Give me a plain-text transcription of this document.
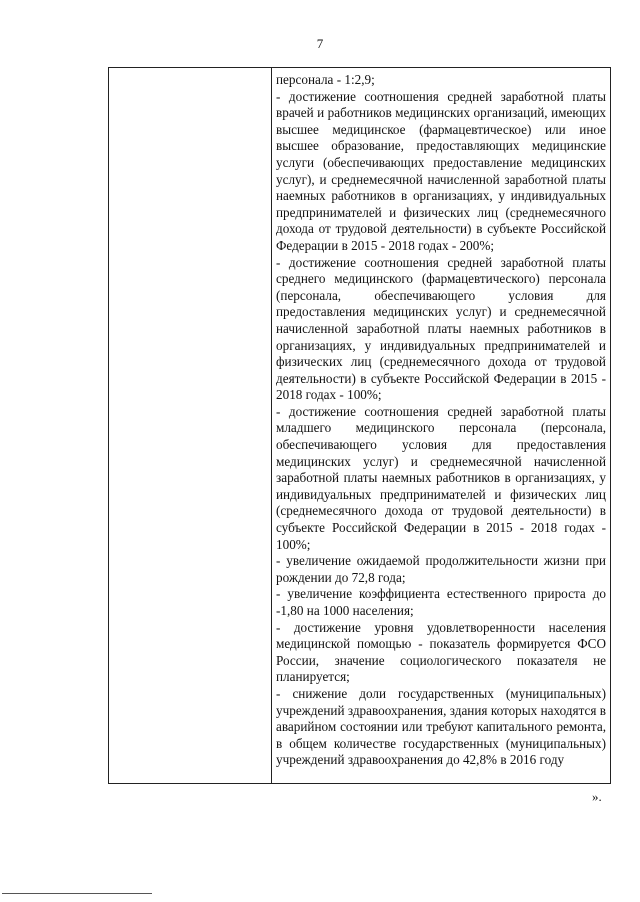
7

персонала - 1:2,9;

- достижение соотношения средней заработной платы врачей и работников медицинских организаций, имеющих высшее медицинское (фармацевтическое) или иное высшее образование, предоставляющих медицинские услуги (обеспечивающих предоставление медицинских услуг), и среднемесячной начисленной заработной платы наемных работников в организациях, у индивидуальных предпринимателей и физических лиц (среднемесячного дохода от трудовой деятельности) в субъекте Российской Федерации в 2015 - 2018 годах - 200%;

- достижение соотношения средней заработной платы среднего медицинского (фармацевтического) персонала (персонала, обеспечивающего условия для предоставления медицинских услуг) и среднемесячной начисленной заработной платы наемных работников в организациях, у индивидуальных предпринимателей и физических лиц (среднемесячного дохода от трудовой деятельности) в субъекте Российской Федерации в 2015 - 2018 годах - 100%;

- достижение соотношения средней заработной платы младшего медицинского персонала (персонала, обеспечивающего условия для предоставления медицинских услуг) и среднемесячной начисленной заработной платы наемных работников в организациях, у индивидуальных предпринимателей и физических лиц (среднемесячного дохода от трудовой деятельности) в субъекте Российской Федерации в 2015 - 2018 годах - 100%;

- увеличение ожидаемой продолжительности жизни при рождении до 72,8 года;

- увеличение коэффициента естественного прироста до -1,80 на 1000 населения;

- достижение уровня удовлетворенности населения медицинской помощью - показатель формируется ФСО России, значение социологического показателя не планируется;

- снижение доли государственных (муниципальных) учреждений здравоохранения, здания которых находятся в аварийном состоянии или требуют капитального ремонта, в общем количестве государственных (муниципальных) учреждений здравоохранения до 42,8% в 2016 году

».
